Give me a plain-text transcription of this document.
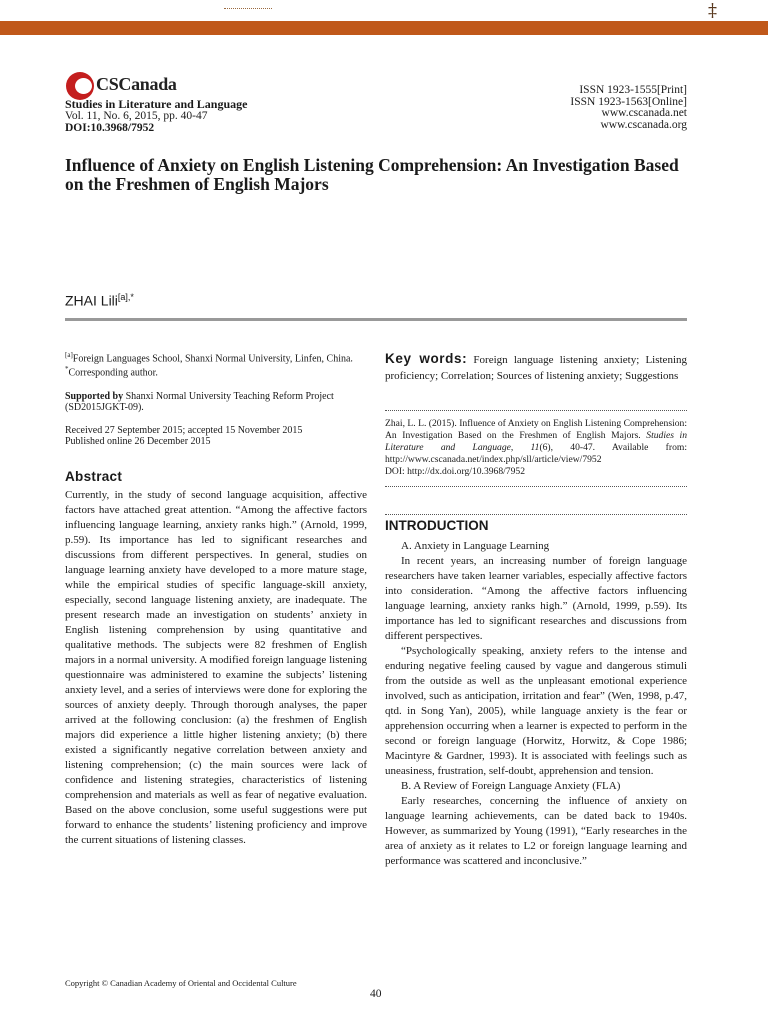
‡
CSCanada
Studies in Literature and Language
Vol. 11, No. 6, 2015, pp. 40-47
DOI:10.3968/7952
ISSN 1923-1555[Print]
ISSN 1923-1563[Online]
www.cscanada.net
www.cscanada.org
Influence of Anxiety on English Listening Comprehension: An Investigation Based on the Freshmen of English Majors
ZHAI Lili$^{[a],*}$

[a]Foreign Languages School, Shanxi Normal University, Linfen, China.

*Corresponding author.

Supported by Shanxi Normal University Teaching Reform Project (SD2015JGKT-09).

Received 27 September 2015; accepted 15 November 2015

Published online 26 December 2015

Abstract

Currently, in the study of second language acquisition, affective factors have attached great attention. “Among the affective factors influencing language learning, anxiety ranks high.” (Arnold, 1999, p.59). Its importance has led to significant researches and discussions from different perspectives. In general, studies on language learning anxiety have developed to a more mature stage, while the empirical studies of specific language-skill anxiety, especially, second language listening anxiety, are inadequate. The present research made an investigation on students’ anxiety in English listening comprehension by using quantitative and qualitative methods. The subjects were 82 freshmen of English majors in a normal university. A modified foreign language listening questionnaire was administered to examine the subjects’ listening anxiety level, and a series of interviews were done for exploring the sources of anxiety deeply. Through thorough analyses, the paper arrived at the following conclusion: (a) the freshmen of English majors did experience a little higher listening anxiety; (b) there existed a significantly negative correlation between anxiety and listening comprehension; (c) the main sources were lack of confidence and listening strategies, characteristics of listening comprehension and materials as well as fear of negative evaluation. Based on the above conclusion, some useful suggestions were put forward to enhance the students’ listening proficiency and improve the current situations of listening classes.

Key words: Foreign language listening anxiety; Listening proficiency; Correlation; Sources of listening anxiety; Suggestions
Zhai, L. L. (2015). Influence of Anxiety on English Listening Comprehension: An Investigation Based on the Freshmen of English Majors. Studies in Literature and Language, 11(6), 40-47. Available from: http://www.cscanada.net/index.php/sll/article/view/7952
DOI: http://dx.doi.org/10.3968/7952
INTRODUCTION

A. Anxiety in Language Learning

In recent years, an increasing number of foreign language researchers have taken learner variables, especially affective factors into consideration. “Among the affective factors influencing language learning, anxiety ranks high.” (Arnold, 1999, p.59). Its importance has led to significant researches and discussions from different perspectives.

“Psychologically speaking, anxiety refers to the intense and enduring negative feeling caused by vague and dangerous stimuli from the outside as well as the unpleasant emotional experience involved, such as anticipation, irritation and fear” (Wen, 1998, p.47, qtd. in Song Yan), 2005), while language anxiety is the fear or apprehension occurring when a learner is expected to perform in the second or foreign language (Horwitz, Horwitz, & Cope 1986; Macintyre & Gardner, 1993). It is associated with feelings such as uneasiness, frustration, self-doubt, apprehension and tension.

B. A Review of Foreign Language Anxiety (FLA)

Early researches, concerning the influence of anxiety on language learning achievements, can be dated back to 1940s. However, as summarized by Young (1991), “Early researches in the area of anxiety as it relates to L2 or foreign language learning and performance was scattered and inconclusive.”

Copyright © Canadian Academy of Oriental and Occidental Culture
40
